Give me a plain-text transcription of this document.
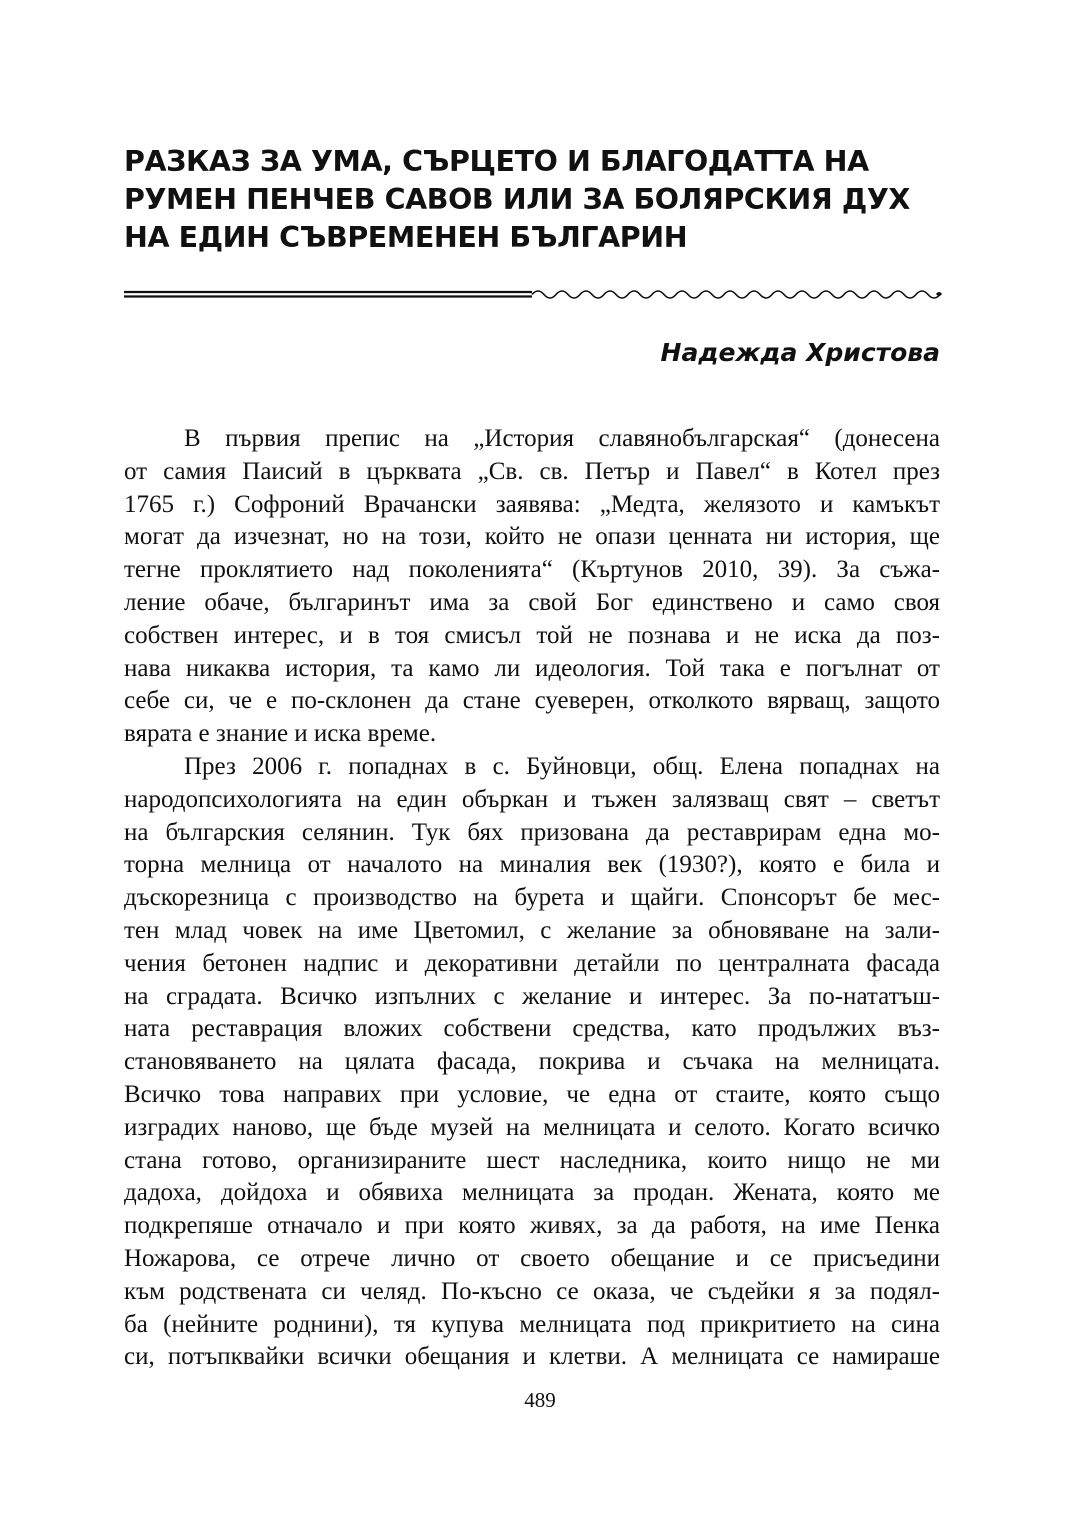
РАЗКАЗ ЗА УМА, СЪРЦЕТО И БЛАГОДАТТА НА
РУМЕН ПЕНЧЕВ САВОВ ИЛИ ЗА БОЛЯРСКИЯ ДУХ
НА ЕДИН СЪВРЕМЕНЕН БЪЛГАРИН
Надежда Христова
В първия препис на „История славянобългарская“ (донесена
от самия Паисий в църквата „Св. св. Петър и Павел“ в Котел през
1765 г.) Софроний Врачански заявява: „Медта, желязото и камъкът
могат да изчезнат, но на този, който не опази ценната ни история, ще
тегне проклятието над поколенията“ (Къртунов 2010, 39). За съжа-
ление обаче, българинът има за свой Бог единствено и само своя
собствен интерес, и в тоя смисъл той не познава и не иска да поз-
нава никаква история, та камо ли идеология. Той така е погълнат от
себе си, че е по-склонен да стане суеверен, отколкото вярващ, защото
вярата е знание и иска време.
През 2006 г. попаднах в с. Буйновци, общ. Елена попаднах на
народопсихологията на един объркан и тъжен залязващ свят – светът
на българския селянин. Тук бях призована да реставрирам една мо-
торна мелница от началото на миналия век (1930?), която е била и
дъскорезница с производство на бурета и щайги. Спонсорът бе мес-
тен млад човек на име Цветомил, с желание за обновяване на зали-
чения бетонен надпис и декоративни детайли по централната фасада
на сградата. Всичко изпълних с желание и интерес. За по-нататъш-
ната реставрация вложих собствени средства, като продължих въз-
становяването на цялата фасада, покрива и съчака на мелницата.
Всичко това направих при условие, че една от стаите, която също
изградих наново, ще бъде музей на мелницата и селото. Когато всичко
стана готово, организираните шест наследника, които нищо не ми
дадоха, дойдоха и обявиха мелницата за продан. Жената, която ме
подкрепяше отначало и при която живях, за да работя, на име Пенка
Ножарова, се отрече лично от своето обещание и се присъедини
към родствената си челяд. По-късно се оказа, че съдейки я за подял-
ба (нейните роднини), тя купува мелницата под прикритието на сина
си, потъпквайки всички обещания и клетви. А мелницата се намираше
489
